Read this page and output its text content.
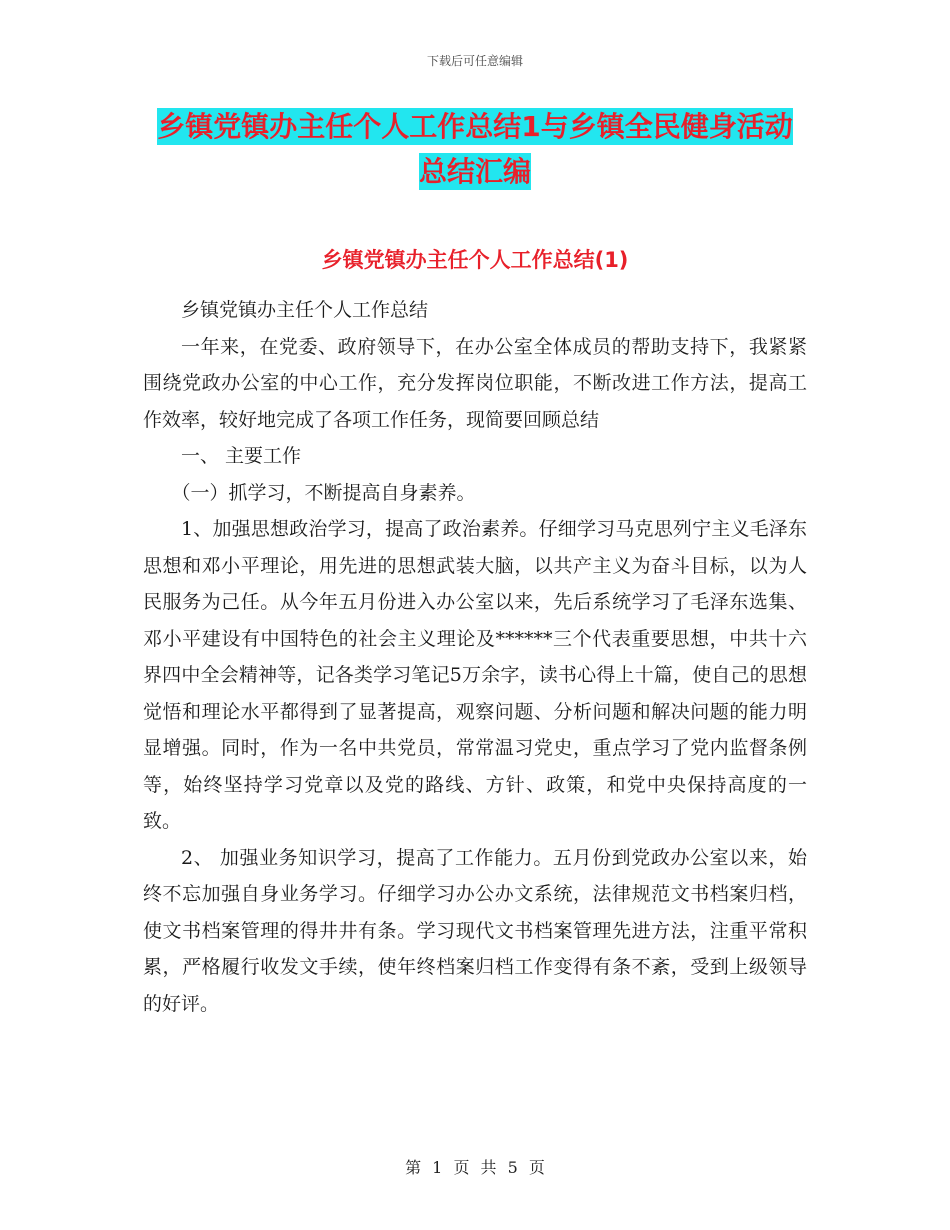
下载后可任意编辑
乡镇党镇办主任个人工作总结1与乡镇全民健身活动
总结汇编
乡镇党镇办主任个人工作总结(1)

乡镇党镇办主任个人工作总结

一年来，在党委、政府领导下，在办公室全体成员的帮助支持下，我紧紧围绕党政办公室的中心工作，充分发挥岗位职能，不断改进工作方法，提高工作效率，较好地完成了各项工作任务，现简要回顾总结

一、 主要工作

（一）抓学习，不断提高自身素养。

1、加强思想政治学习，提高了政治素养。仔细学习马克思列宁主义毛泽东思想和邓小平理论，用先进的思想武装大脑，以共产主义为奋斗目标，以为人民服务为己任。从今年五月份进入办公室以来，先后系统学习了毛泽东选集、邓小平建设有中国特色的社会主义理论及******三个代表重要思想，中共十六界四中全会精神等，记各类学习笔记5万余字，读书心得上十篇，使自己的思想觉悟和理论水平都得到了显著提高，观察问题、分析问题和解决问题的能力明显增强。同时，作为一名中共党员，常常温习党史，重点学习了党内监督条例等，始终坚持学习党章以及党的路线、方针、政策，和党中央保持高度的一致。

2、 加强业务知识学习，提高了工作能力。五月份到党政办公室以来，始终不忘加强自身业务学习。仔细学习办公办文系统，法律规范文书档案归档，使文书档案管理的得井井有条。学习现代文书档案管理先进方法，注重平常积累，严格履行收发文手续，使年终档案归档工作变得有条不紊，受到上级领导的好评。

第 1 页 共 5 页
